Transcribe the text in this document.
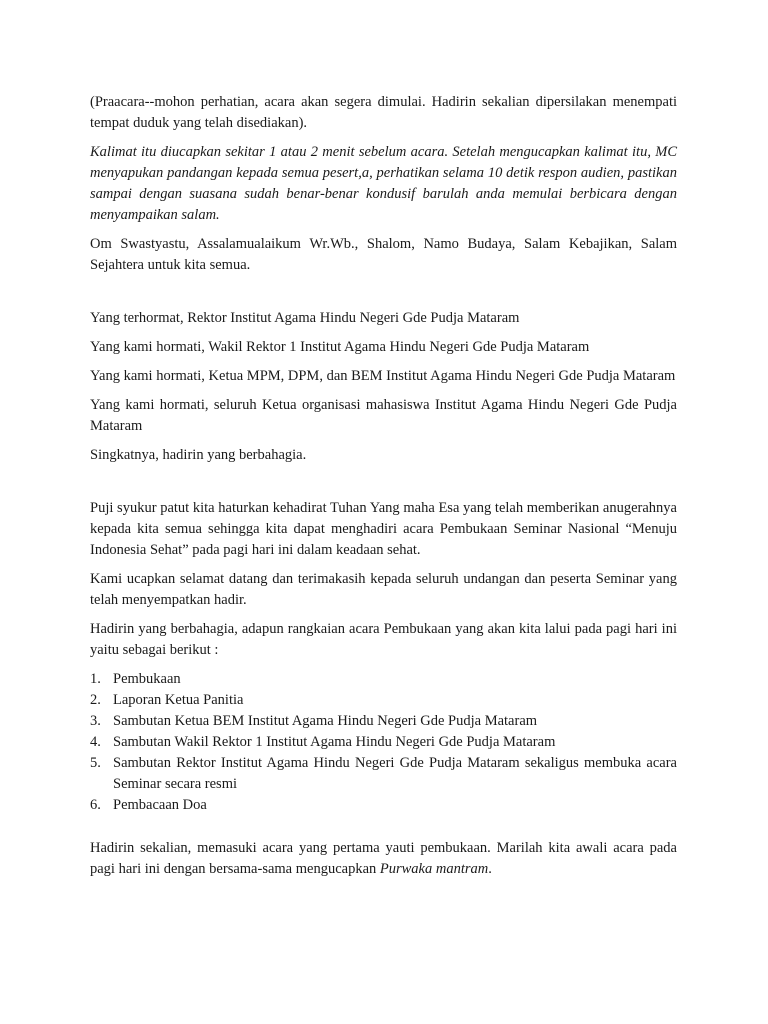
(Praacara--mohon perhatian, acara akan segera dimulai. Hadirin sekalian dipersilakan menempati tempat duduk yang telah disediakan).

Kalimat itu diucapkan sekitar 1 atau 2 menit sebelum acara. Setelah mengucapkan kalimat itu, MC menyapukan pandangan kepada semua pesert,a, perhatikan selama 10 detik respon audien, pastikan sampai dengan suasana sudah benar-benar kondusif barulah anda memulai berbicara dengan menyampaikan salam.

Om Swastyastu, Assalamualaikum Wr.Wb., Shalom, Namo Budaya, Salam Kebajikan, Salam Sejahtera untuk kita semua.

Yang terhormat, Rektor Institut Agama Hindu Negeri Gde Pudja Mataram

Yang kami hormati, Wakil Rektor 1 Institut Agama Hindu Negeri Gde Pudja Mataram

Yang kami hormati, Ketua MPM, DPM, dan BEM Institut Agama Hindu Negeri Gde Pudja Mataram

Yang kami hormati, seluruh Ketua organisasi mahasiswa Institut Agama Hindu Negeri Gde Pudja Mataram

Singkatnya, hadirin yang berbahagia.

Puji syukur patut kita haturkan kehadirat Tuhan Yang maha Esa yang telah memberikan anugerahnya kepada kita semua sehingga kita dapat menghadiri acara Pembukaan Seminar Nasional “Menuju Indonesia Sehat” pada pagi hari ini dalam keadaan sehat.

Kami ucapkan selamat datang dan terimakasih kepada seluruh undangan dan peserta Seminar yang telah menyempatkan hadir.

Hadirin yang berbahagia, adapun rangkaian acara Pembukaan yang akan kita lalui pada pagi hari ini yaitu sebagai berikut :

1. Pembukaan
2. Laporan Ketua Panitia
3. Sambutan Ketua BEM Institut Agama Hindu Negeri Gde Pudja Mataram
4. Sambutan Wakil Rektor 1 Institut Agama Hindu Negeri Gde Pudja Mataram
5. Sambutan Rektor Institut Agama Hindu Negeri Gde Pudja Mataram sekaligus membuka acara Seminar secara resmi
6. Pembacaan Doa

Hadirin sekalian, memasuki acara yang pertama yauti pembukaan. Marilah kita awali acara pada pagi hari ini dengan bersama-sama mengucapkan Purwaka mantram.
